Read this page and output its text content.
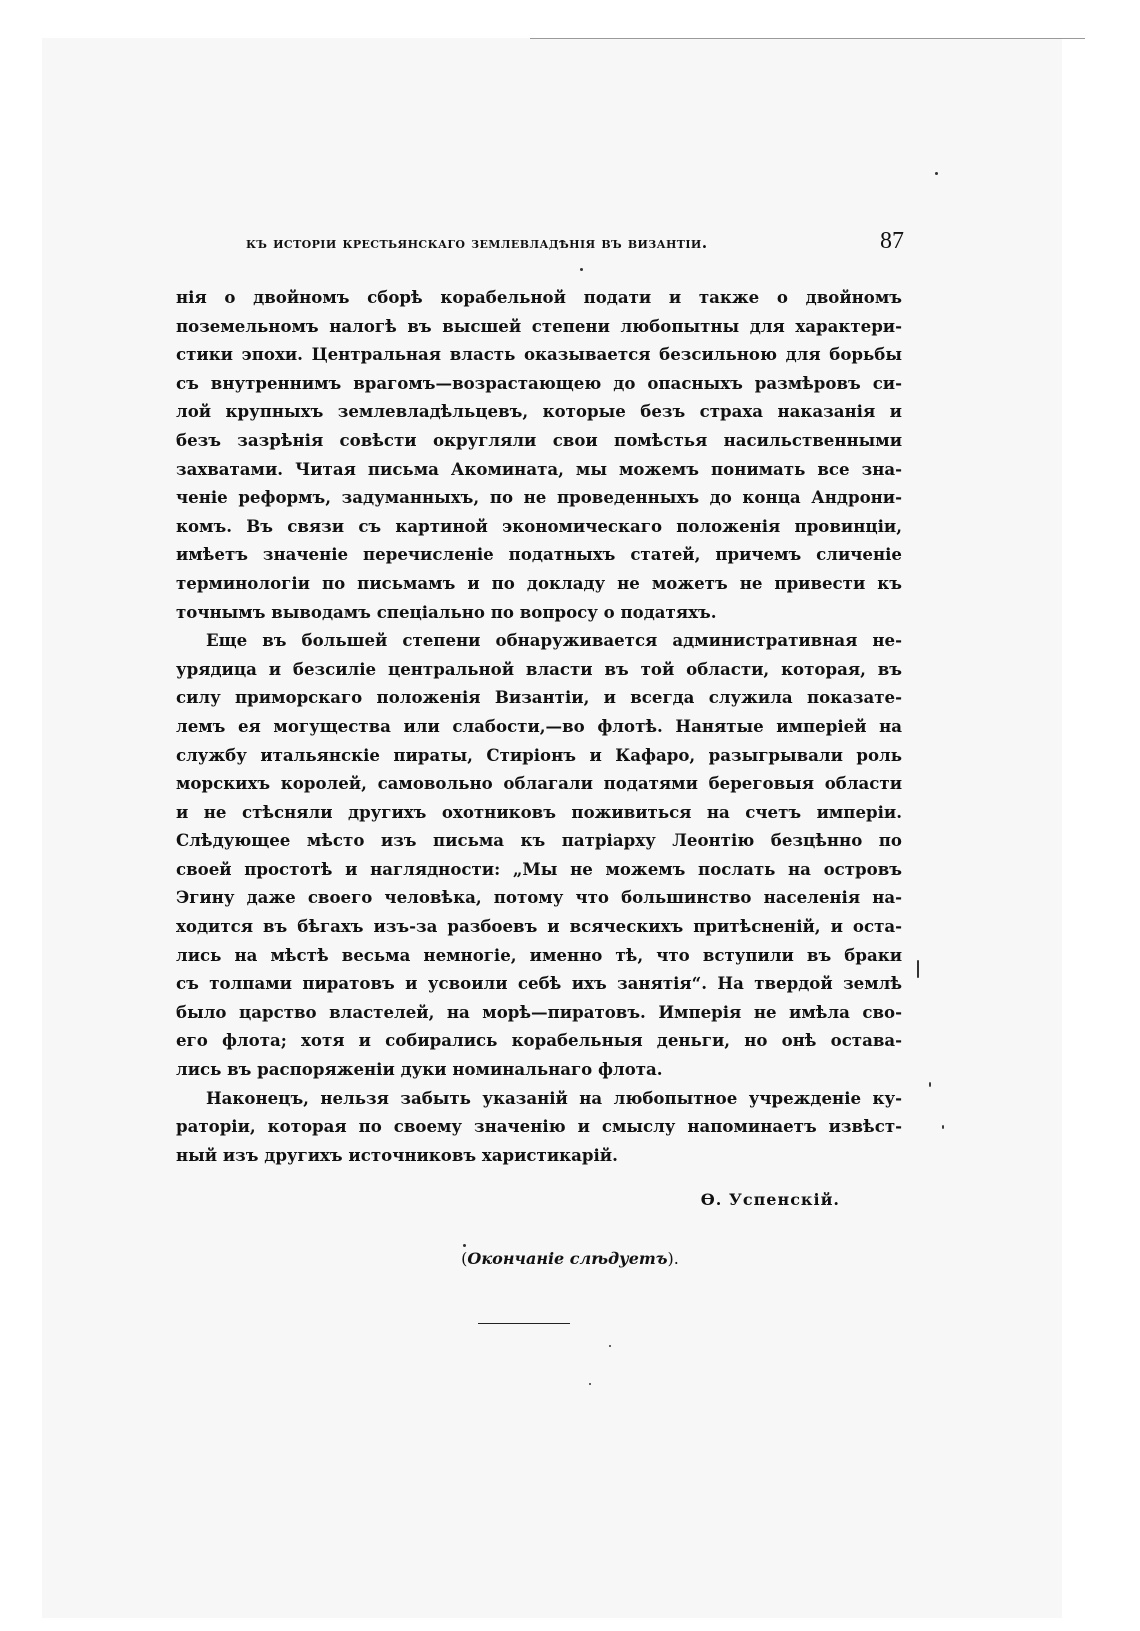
къ исторіи крестьянскаго землевладѣнія въ византіи.	87
нія о двойномъ сборѣ корабельной подати и также о двойномъ
поземельномъ налогѣ въ высшей степени любопытны для характери-
стики эпохи. Центральная власть оказывается безсильною для борьбы
съ внутреннимъ врагомъ—возрастающею до опасныхъ размѣровъ си-
лой крупныхъ землевладѣльцевъ, которые безъ страха наказанія и
безъ зазрѣнія совѣсти округляли свои помѣстья насильственными
захватами. Читая письма Акомината, мы можемъ понимать все зна-
ченіе реформъ, задуманныхъ, по не проведенныхъ до конца Андрони-
комъ. Въ связи съ картиной экономическаго положенія провинціи,
имѣетъ значеніе перечисленіе податныхъ статей, причемъ сличеніе
терминологіи по письмамъ и по докладу не можетъ не привести къ
точнымъ выводамъ спеціально по вопросу о податяхъ.
Еще въ большей степени обнаруживается административная не-
урядица и безсиліе центральной власти въ той области, которая, въ
силу приморскаго положенія Византіи, и всегда служила показате-
лемъ ея могущества или слабости,—во флотѣ. Нанятые имперіей на
службу итальянскіе пираты, Стиріонъ и Кафаро, разыгрывали роль
морскихъ королей, самовольно облагали податями береговыя области
и не стѣсняли другихъ охотниковъ поживиться на счетъ имперіи.
Слѣдующее мѣсто изъ письма къ патріарху Леонтію безцѣнно по
своей простотѣ и наглядности: „Мы не можемъ послать на островъ
Эгину даже своего человѣка, потому что большинство населенія на-
ходится въ бѣгахъ изъ-за разбоевъ и всяческихъ притѣсненій, и оста-
лись на мѣстѣ весьма немногіе, именно тѣ, что вступили въ браки
съ толпами пиратовъ и усвоили себѣ ихъ занятія“. На твердой землѣ
было царство властелей, на морѣ—пиратовъ. Имперія не имѣла сво-
его флота; хотя и собирались корабельныя деньги, но онѣ остава-
лись въ распоряженіи дуки номинальнаго флота.
Наконецъ, нельзя забыть указаній на любопытное учрежденіе ку-
раторіи, которая по своему значенію и смыслу напоминаетъ извѣст-
ный изъ другихъ источниковъ харистикарій.
Ѳ. Успенскій.
(Окончаніе слѣдуетъ).
